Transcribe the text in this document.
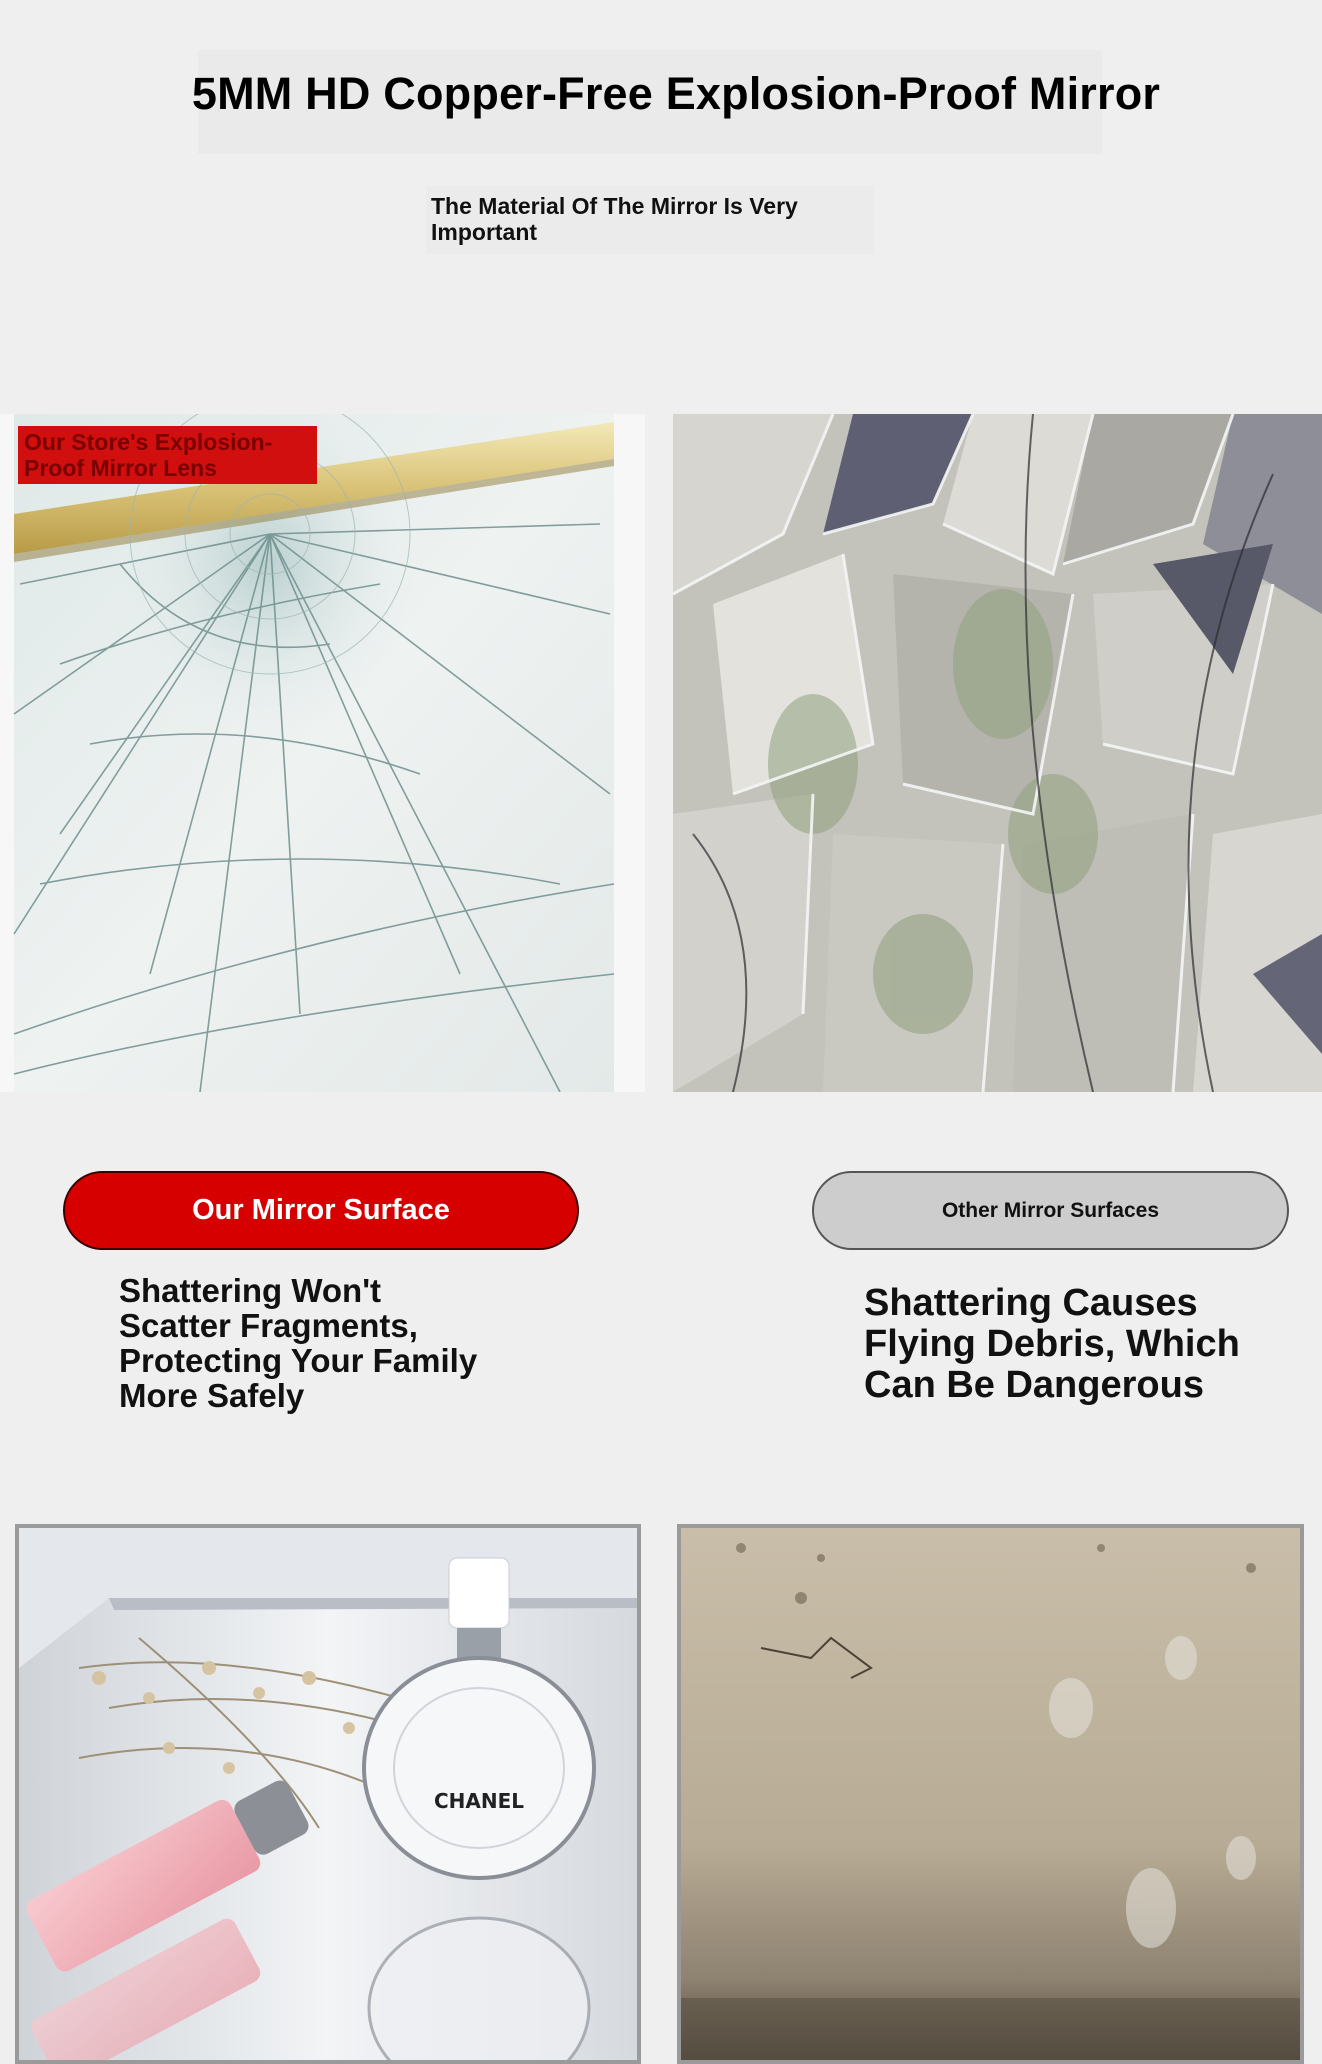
5MM HD Copper-Free Explosion-Proof Mirror
The Material Of The Mirror Is Very Important
Our Store's Explosion-Proof Mirror Lens
Our Mirror Surface	Other Mirror Surfaces
Shattering Won't Scatter Fragments, Protecting Your Family More Safely
Shattering Causes Flying Debris, Which Can Be Dangerous
CHANEL
